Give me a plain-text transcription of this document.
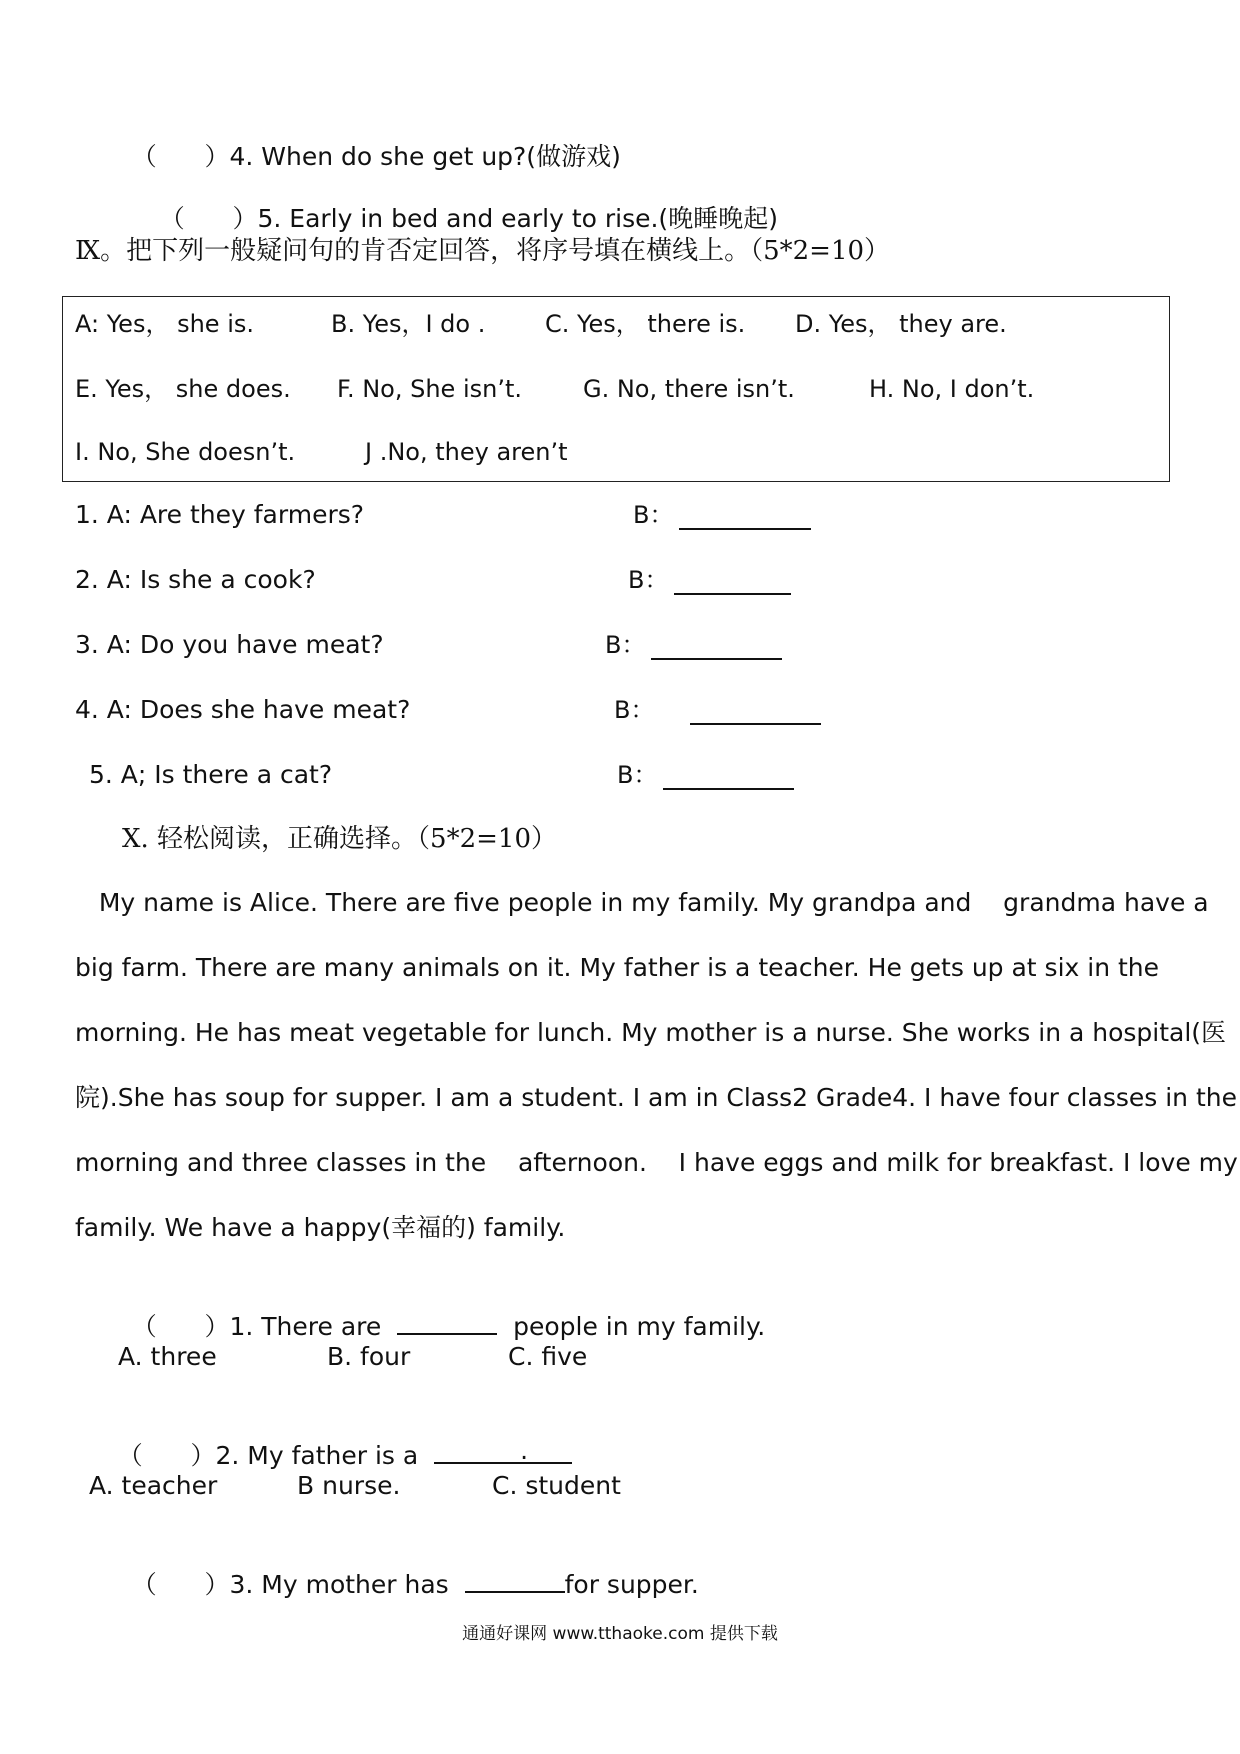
（      ）4. When do she get up?(做游戏)

（      ）5. Early in bed and early to rise.(晚睡晚起)

Ⅸ。把下列一般疑问句的肯否定回答，将序号填在横线上。（5*2=10）
A: Yes， she is.	B. Yes，I do . C. Yes， there is. D. Yes， they are.
E. Yes， she does. F. No, She isn’t.	G. No, there isn’t.	H. No, I don’t.
I. No, She doesn’t.	J .No, they aren’t
1. A: Are they farmers?	B：
2. A: Is she a cook?	B：
3. A: Do you have meat?	B：
4. A: Does she have meat?	B：
5. A; Is there a cat?	B：
Ⅹ. 轻松阅读，正确选择。（5*2=10）
My name is Alice. There are five people in my family. My grandpa and    grandma have a
big farm. There are many animals on it. My father is a teacher. He gets up at six in the
morning. He has meat vegetable for lunch. My mother is a nurse. She works in a hospital(医
院).She has soup for supper. I am a student. I am in Class2 Grade4. I have four classes in the
morning and three classes in the    afternoon.    I have eggs and milk for breakfast. I love my
family. We have a happy(幸福的) family.

（      ）1. There are	people in my family.

A. three	B. four	C. five

（      ）2. My father is a	.

A. teacher	B nurse.	C. student

（      ）3. My mother has	for supper.

通通好课网 www.tthaoke.com 提供下载
